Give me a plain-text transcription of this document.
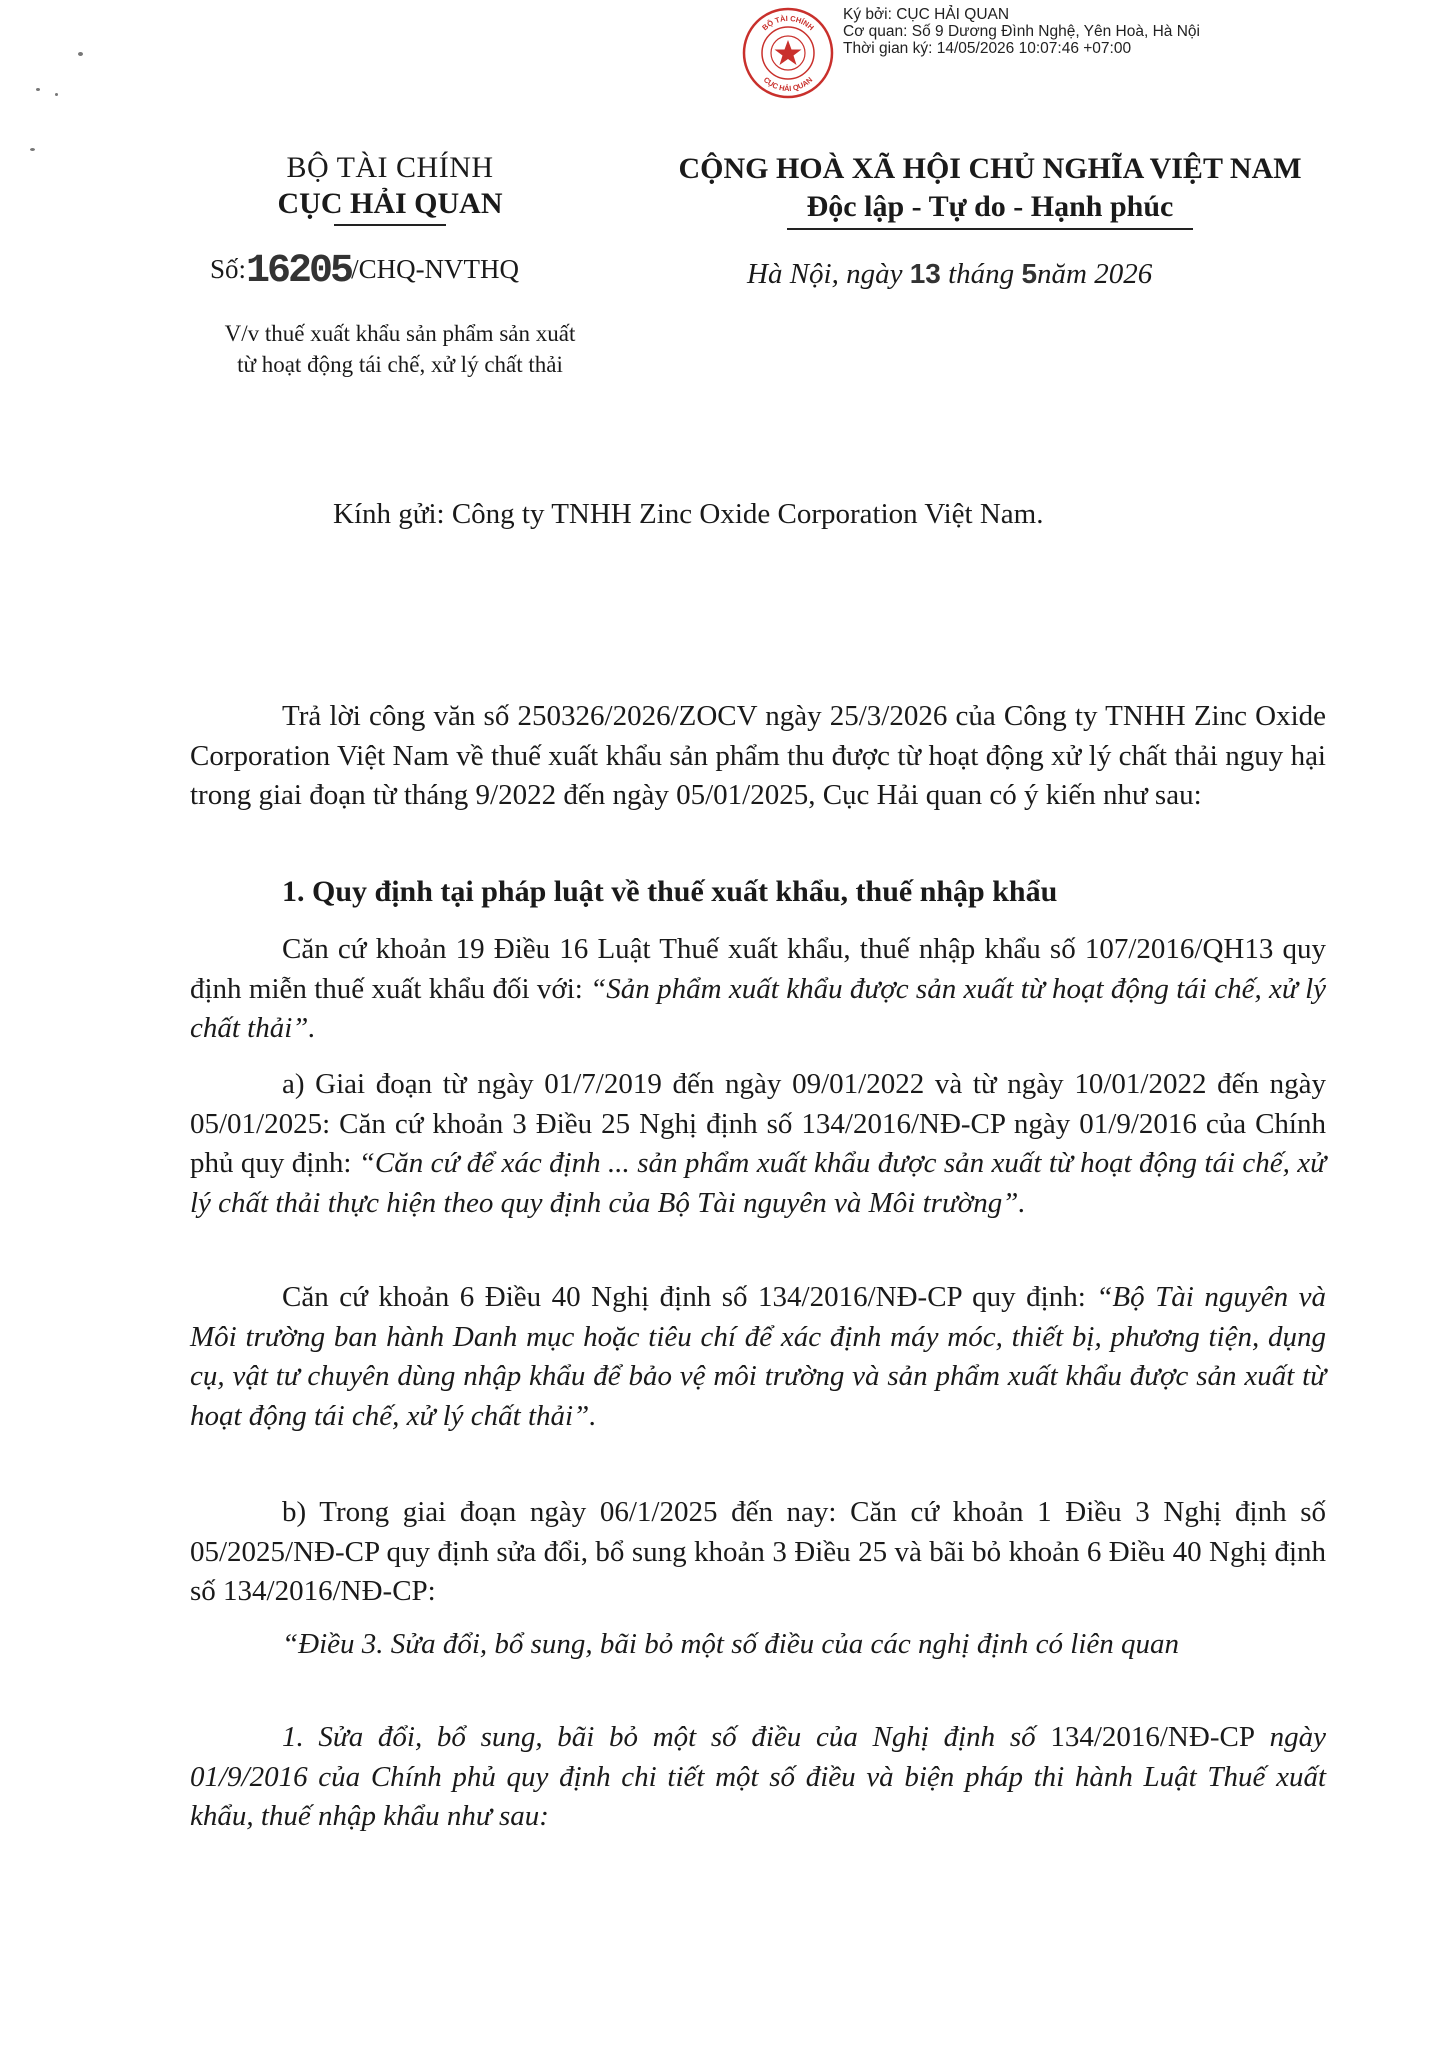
BỘ TÀI CHÍNH
CỤC HẢI QUAN
Ký bởi: CỤC HẢI QUAN
Cơ quan: Số 9 Dương Đình Nghệ, Yên Hoà, Hà Nội
Thời gian ký: 14/05/2026 10:07:46 +07:00
BỘ TÀI CHÍNH
CỤC HẢI QUAN
Số:16205/CHQ-NVTHQ
V/v thuế xuất khẩu sản phẩm sản xuất
từ hoạt động tái chế, xử lý chất thải
CỘNG HOÀ XÃ HỘI CHỦ NGHĨA VIỆT NAM
Độc lập - Tự do - Hạnh phúc
Hà Nội, ngày 13 tháng 5năm 2026
Kính gửi: Công ty TNHH Zinc Oxide Corporation Việt Nam.
Trả lời công văn số 250326/2026/ZOCV ngày 25/3/2026 của Công ty TNHH Zinc Oxide Corporation Việt Nam về thuế xuất khẩu sản phẩm thu được từ hoạt động xử lý chất thải nguy hại trong giai đoạn từ tháng 9/2022 đến ngày 05/01/2025, Cục Hải quan có ý kiến như sau:
1. Quy định tại pháp luật về thuế xuất khẩu, thuế nhập khẩu
Căn cứ khoản 19 Điều 16 Luật Thuế xuất khẩu, thuế nhập khẩu số 107/2016/QH13 quy định miễn thuế xuất khẩu đối với: “Sản phẩm xuất khẩu được sản xuất từ hoạt động tái chế, xử lý chất thải”.
a) Giai đoạn từ ngày 01/7/2019 đến ngày 09/01/2022 và từ ngày 10/01/2022 đến ngày 05/01/2025: Căn cứ khoản 3 Điều 25 Nghị định số 134/2016/NĐ-CP ngày 01/9/2016 của Chính phủ quy định: “Căn cứ để xác định ... sản phẩm xuất khẩu được sản xuất từ hoạt động tái chế, xử lý chất thải thực hiện theo quy định của Bộ Tài nguyên và Môi trường”.
Căn cứ khoản 6 Điều 40 Nghị định số 134/2016/NĐ-CP quy định: “Bộ Tài nguyên và Môi trường ban hành Danh mục hoặc tiêu chí để xác định máy móc, thiết bị, phương tiện, dụng cụ, vật tư chuyên dùng nhập khẩu để bảo vệ môi trường và sản phẩm xuất khẩu được sản xuất từ hoạt động tái chế, xử lý chất thải”.
b) Trong giai đoạn ngày 06/1/2025 đến nay: Căn cứ khoản 1 Điều 3 Nghị định số 05/2025/NĐ-CP quy định sửa đổi, bổ sung khoản 3 Điều 25 và bãi bỏ khoản 6 Điều 40 Nghị định số 134/2016/NĐ-CP:
“Điều 3. Sửa đổi, bổ sung, bãi bỏ một số điều của các nghị định có liên quan
1. Sửa đổi, bổ sung, bãi bỏ một số điều của Nghị định số 134/2016/NĐ-CP ngày 01/9/2016 của Chính phủ quy định chi tiết một số điều và biện pháp thi hành Luật Thuế xuất khẩu, thuế nhập khẩu như sau:
